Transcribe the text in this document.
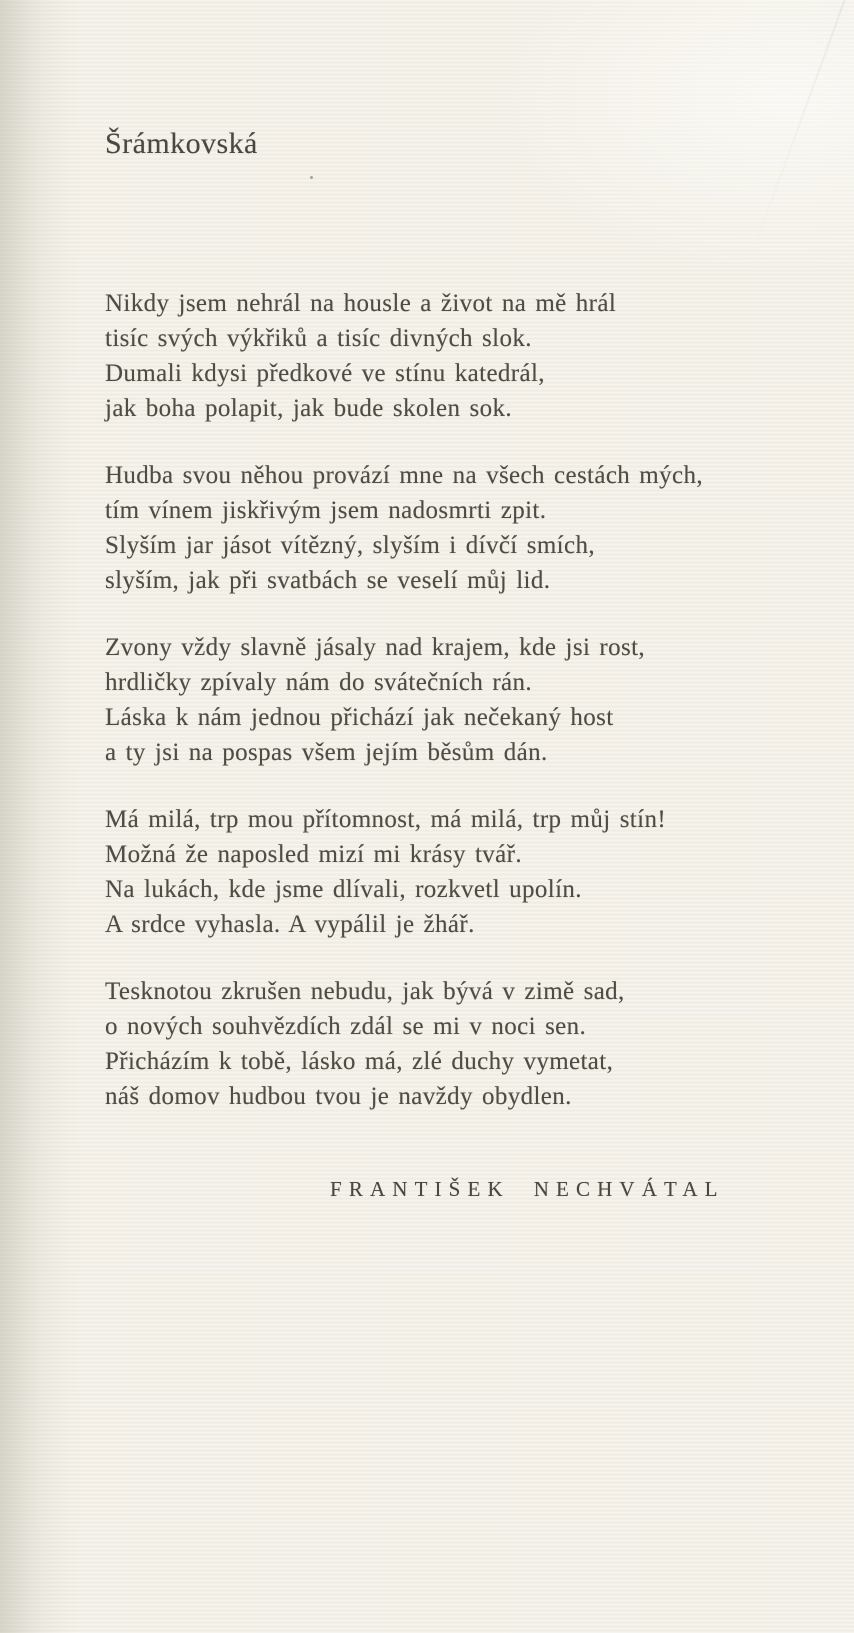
Šrámkovská

Nikdy jsem nehrál na housle a život na mě hrál

tisíc svých výkřiků a tisíc divných slok.

Dumali kdysi předkové ve stínu katedrál,

jak boha polapit, jak bude skolen sok.

Hudba svou něhou provází mne na všech cestách mých,

tím vínem jiskřivým jsem nadosmrti zpit.

Slyším jar jásot vítězný, slyším i dívčí smích,

slyším, jak při svatbách se veselí můj lid.

Zvony vždy slavně jásaly nad krajem, kde jsi rost,

hrdličky zpívaly nám do svátečních rán.

Láska k nám jednou přichází jak nečekaný host

a ty jsi na pospas všem jejím běsům dán.

Má milá, trp mou přítomnost, má milá, trp můj stín!

Možná že naposled mizí mi krásy tvář.

Na lukách, kde jsme dlívali, rozkvetl upolín.

A srdce vyhasla. A vypálil je žhář.

Tesknotou zkrušen nebudu, jak bývá v zimě sad,

o nových souhvězdích zdál se mi v noci sen.

Přicházím k tobě, lásko má, zlé duchy vymetat,

náš domov hudbou tvou je navždy obydlen.

FRANTIŠEK NECHVÁTAL
